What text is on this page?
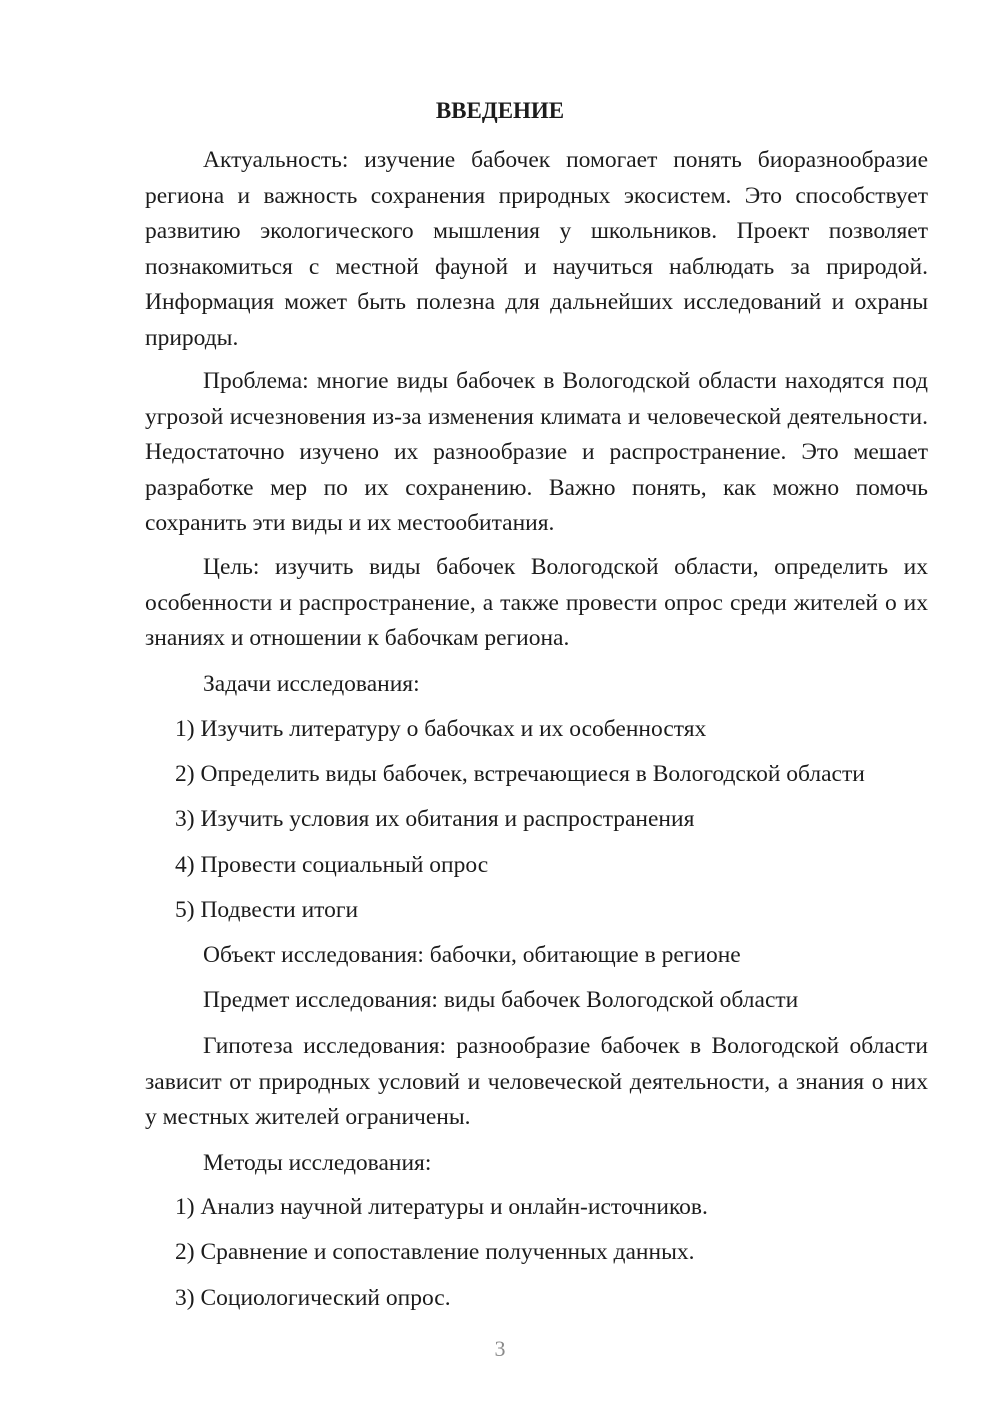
ВВЕДЕНИЕ

Актуальность: изучение бабочек помогает понять биоразнообразие региона и важность сохранения природных экосистем. Это способствует развитию экологического мышления у школьников. Проект позволяет познакомиться с местной фауной и научиться наблюдать за природой. Информация может быть полезна для дальнейших исследований и охраны природы.

Проблема: многие виды бабочек в Вологодской области находятся под угрозой исчезновения из-за изменения климата и человеческой деятельности. Недостаточно изучено их разнообразие и распространение. Это мешает разработке мер по их сохранению. Важно понять, как можно помочь сохранить эти виды и их местообитания.

Цель: изучить виды бабочек Вологодской области, определить их особенности и распространение, а также провести опрос среди жителей о их знаниях и отношении к бабочкам региона.

Задачи исследования:

1) Изучить литературу о бабочках и их особенностях

2) Определить виды бабочек, встречающиеся в Вологодской области

3) Изучить условия их обитания и распространения

4) Провести социальный опрос

5) Подвести итоги

Объект исследования: бабочки, обитающие в регионе

Предмет исследования: виды бабочек Вологодской области

Гипотеза исследования: разнообразие бабочек в Вологодской области зависит от природных условий и человеческой деятельности, а знания о них у местных жителей ограничены.

Методы исследования:

1) Анализ научной литературы и онлайн-источников.

2) Сравнение и сопоставление полученных данных.

3) Социологический опрос.

3
